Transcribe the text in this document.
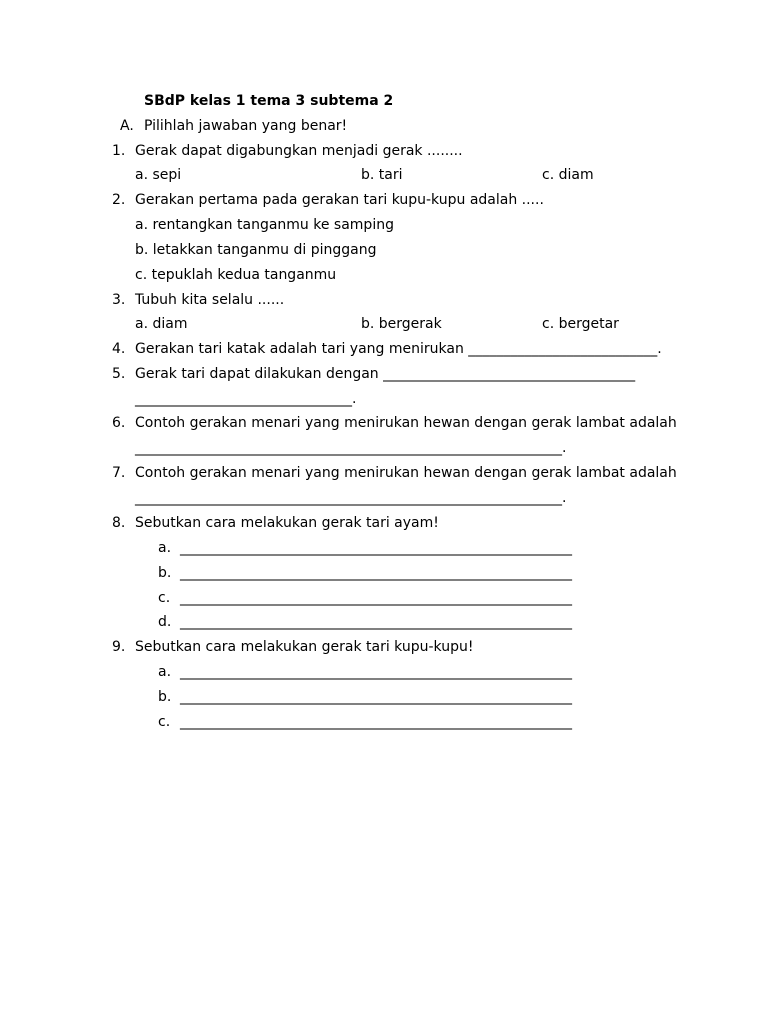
SBdP kelas 1 tema 3 subtema 2
A. Pilihlah jawaban yang benar!
1. Gerak dapat digabungkan menjadi gerak ........
a. sepi	b. tari	c. diam
2. Gerakan pertama pada gerakan tari kupu-kupu adalah .....
a. rentangkan tanganmu ke samping
b. letakkan tanganmu di pinggang
c. tepuklah kedua tanganmu
3. Tubuh kita selalu ......
a. diam	b. bergerak	c. bergetar
4. Gerakan tari katak adalah tari yang menirukan ___________________________.
5. Gerak tari dapat dilakukan dengan ____________________________________
_______________________________.
6. Contoh gerakan menari yang menirukan hewan dengan gerak lambat adalah
_____________________________________________________________.
7. Contoh gerakan menari yang menirukan hewan dengan gerak lambat adalah
_____________________________________________________________.
8. Sebutkan cara melakukan gerak tari ayam!
a. ________________________________________________________
b. ________________________________________________________
c. ________________________________________________________
d. ________________________________________________________
9. Sebutkan cara melakukan gerak tari kupu-kupu!
a. ________________________________________________________
b. ________________________________________________________
c. ________________________________________________________
